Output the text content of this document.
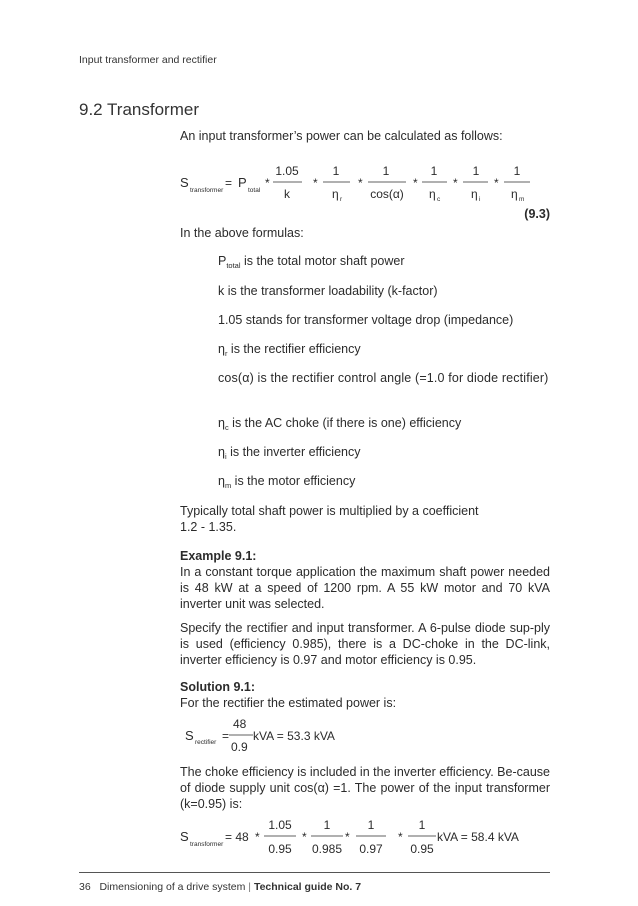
Input transformer and rectifier
9.2 Transformer
An input transformer’s power can be calculated as follows:
S
transformer
= P
total
*
1.05
k
*
1
η r
*
1
cos(α)
*
1
η c
*
1
η i
*
1
η m
(9.3)
In the above formulas:
$P_{total}$ is the total motor shaft power
k is the transformer loadability (k-factor)
1.05 stands for transformer voltage drop (impedance)
$\eta_r$ is the rectifier efficiency
cos(α) is the rectifier control angle (=1.0 for diode rectifier)
$\eta_c$ is the AC choke (if there is one) efficiency
$\eta_i$ is the inverter efficiency
$\eta_m$ is the motor efficiency
Typically total shaft power is multiplied by a coefficient
1.2 - 1.35.
Example 9.1:
In a constant torque application the maximum shaft power needed is 48 kW at a speed of 1200 rpm. A 55 kW motor and 70 kVA inverter unit was selected.
Specify the rectifier and input transformer. A 6-pulse diode sup-ply is used (efficiency 0.985), there is a DC-choke in the DC-link, inverter efficiency is 0.97 and motor efficiency is 0.95.
Solution 9.1:
For the rectifier the estimated power is:
S rectifier =
48
0.9
kVA = 53.3 kVA
The choke efficiency is included in the inverter efficiency. Be-cause of diode supply unit cos(α) =1. The power of the input transformer (k=0.95) is:
S
transformer
= 48 *
1.05
0.95
*
1
0.985
*
1
0.97
*
1
0.95
kVA = 58.4 kVA
36 Dimensioning of a drive system | Technical guide No. 7
